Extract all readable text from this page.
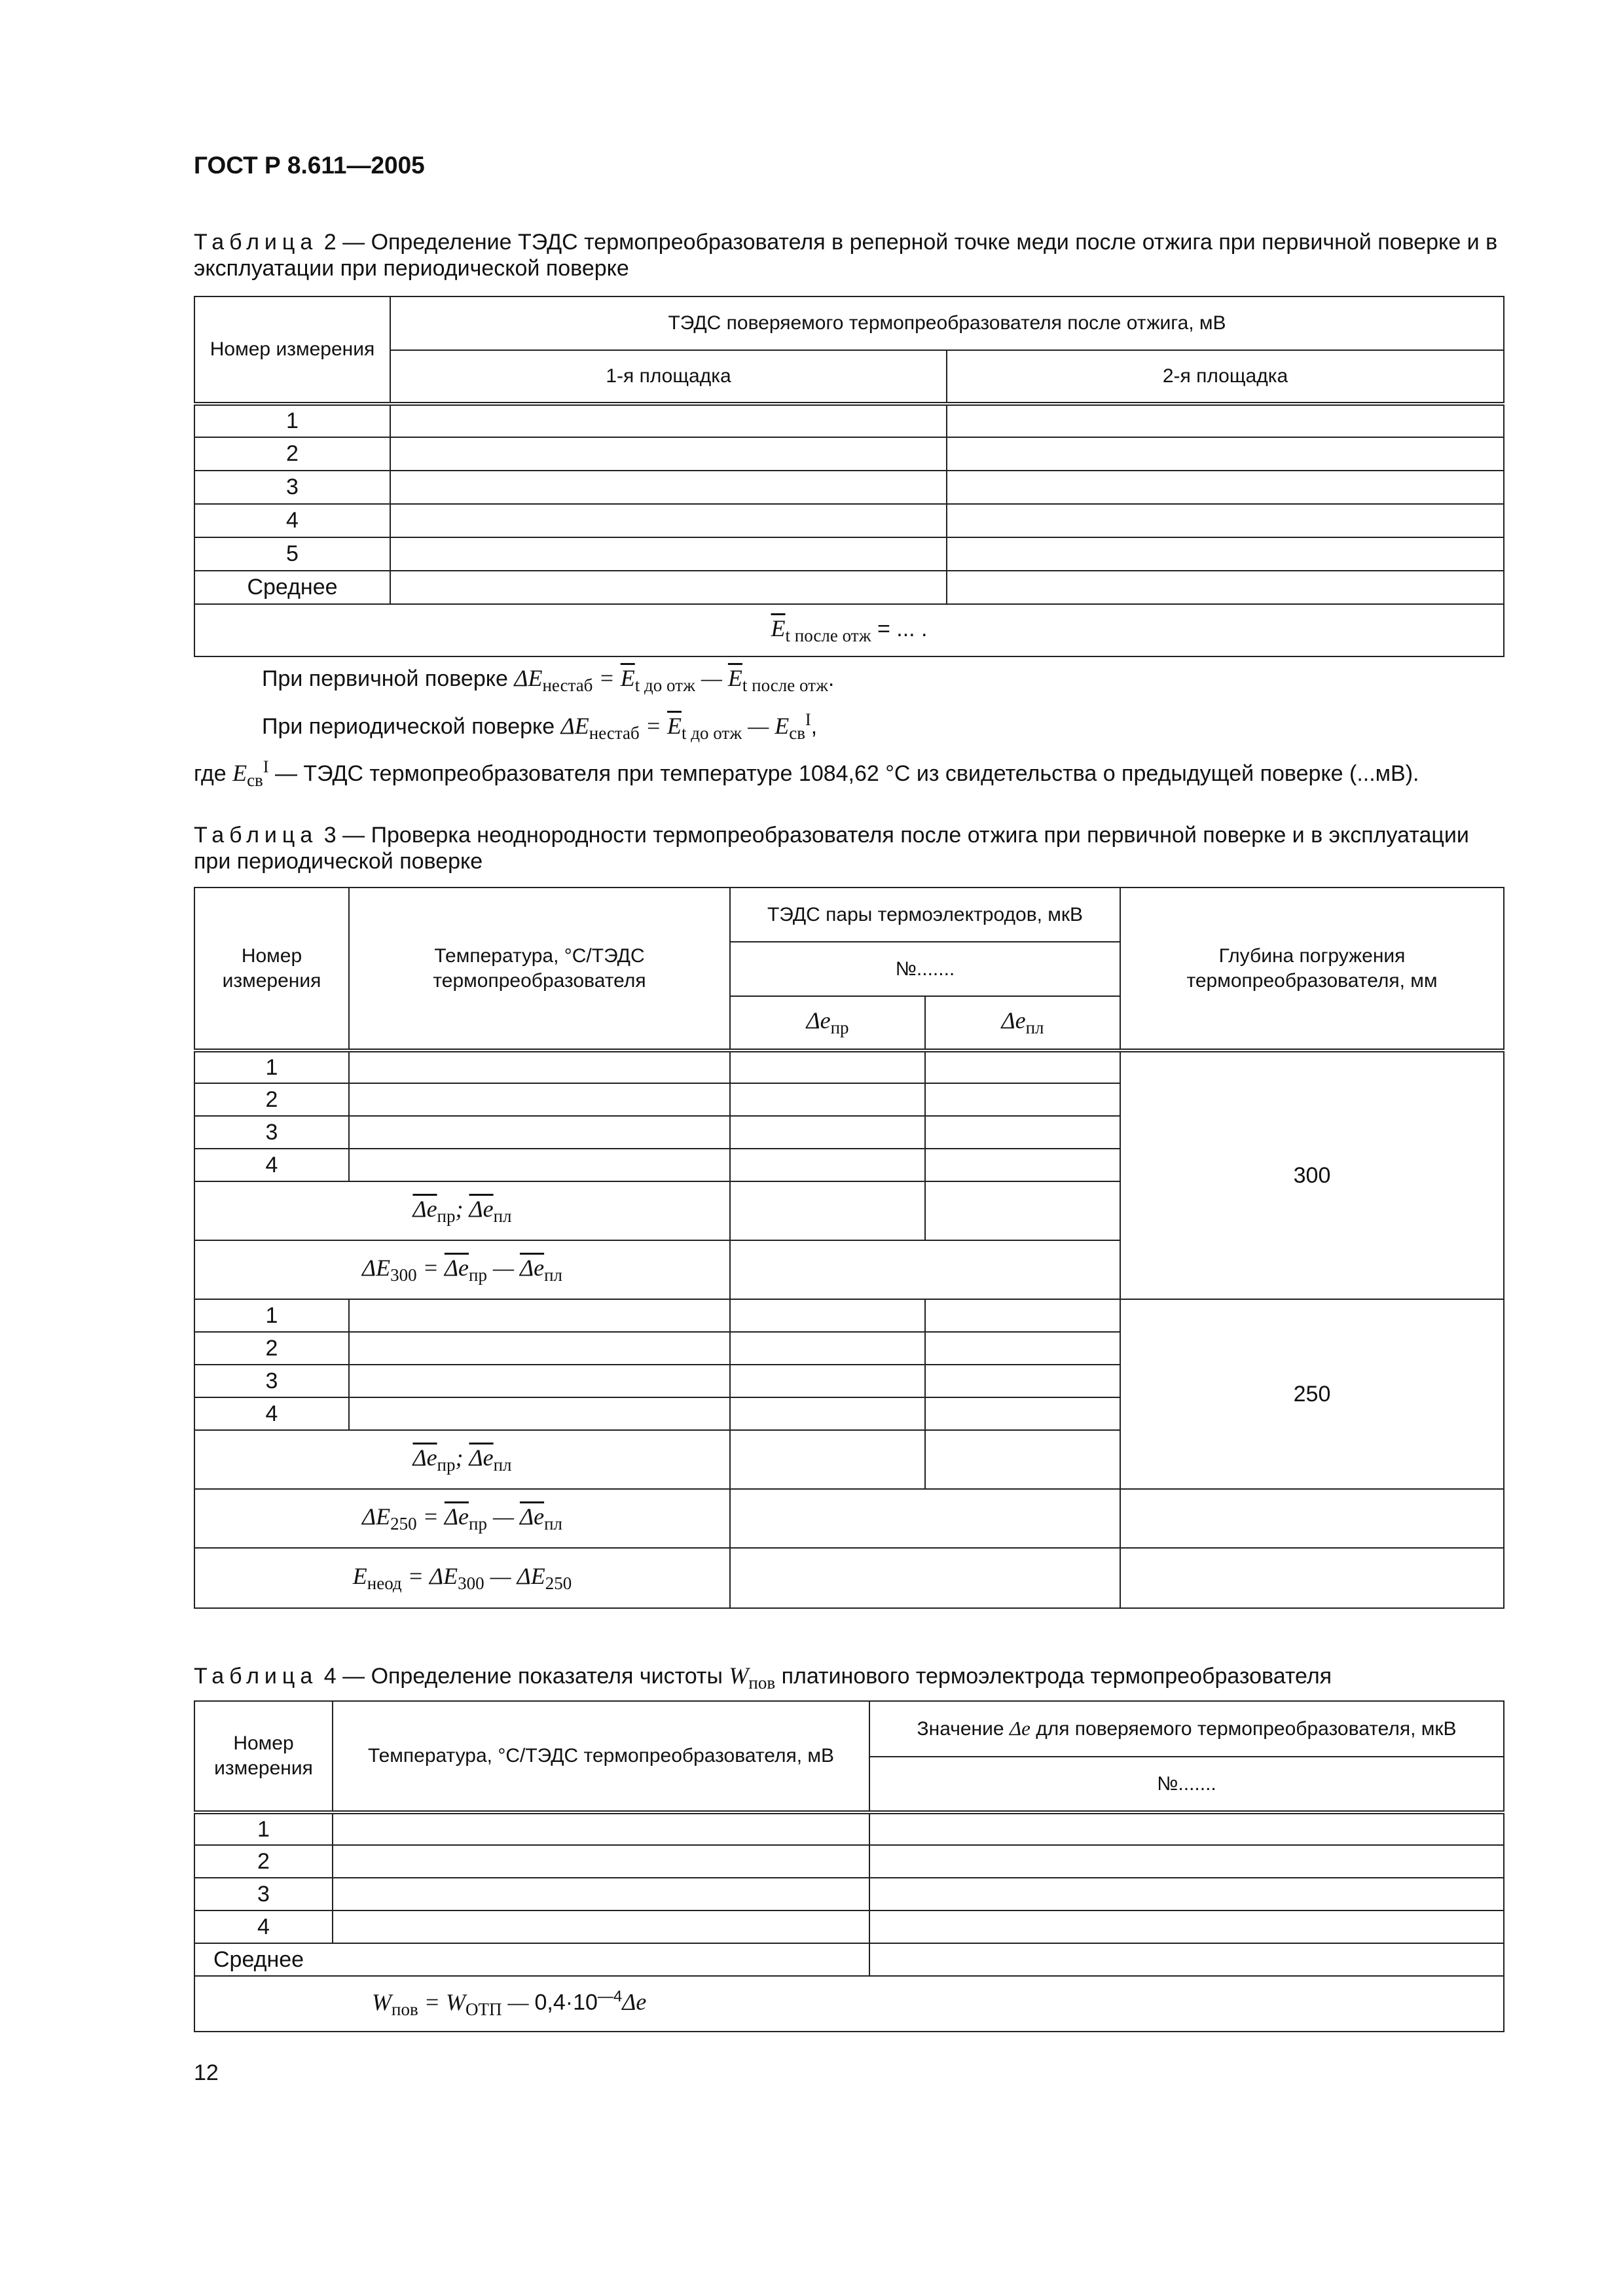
ГОСТ Р 8.611—2005
Таблица 2 — Определение ТЭДС термопреобразователя в реперной точке меди после отжига при первичной поверке и в эксплуатации при периодической поверке
Номер измерения	ТЭДС поверяемого термопреобразователя после отжига, мВ	
	1-я площадка	2-я площадка
1		
2		
3		
4		
5		
Среднее		
$\overline{E}_{t после отж}$ = ... .		
При первичной поверке $\Delta E_{нестаб} = \overline{E}_{t до отж}$ — $\overline{E}_{t после отж}$.
При периодической поверке $\Delta E_{нестаб} = \overline{E}_{t до отж}$ — $E_{св}^I$,
где $E_{св}^I$ — ТЭДС термопреобразователя при температуре 1084,62 °С из свидетельства о предыдущей поверке (...мВ).
Таблица 3 — Проверка неоднородности термопреобразователя после отжига при первичной поверке и в эксплуатации при периодической поверке
Номер измерения	Температура, °С/ТЭДС термопреобразователя	ТЭДС пары термоэлектродов, мкВ		Глубина погружения термопреобразователя, мм
		№.......		
		$\Delta e_{пр}$	$\Delta e_{пл}$
1				300
2				
3				
4				
$\overline{\Delta e}_{пр}$; $\overline{\Delta e}_{пл}$		
$\Delta E_{300} = \overline{\Delta e}_{пр}$ — $\overline{\Delta e}_{пл}$	
1				250
2				
3				
4				
$\overline{\Delta e}_{пр}$; $\overline{\Delta e}_{пл}$		
$\Delta E_{250} = \overline{\Delta e}_{пр}$ — $\overline{\Delta e}_{пл}$		
$E_{неод} = \Delta E_{300}$ — $\Delta E_{250}$		
Таблица 4 — Определение показателя чистоты $W_{пов}$ платинового термоэлектрода термопреобразователя
Номер измерения	Температура, °С/ТЭДС термопреобразователя, мВ	Значение Δe для поверяемого термопреобразователя, мкВ
		№.......
1		
2		
3		
4		
Среднее		
$W_{пов} = W_{ОТП}$ — $0,4\cdot 10^{—4}\Delta e$		
12
